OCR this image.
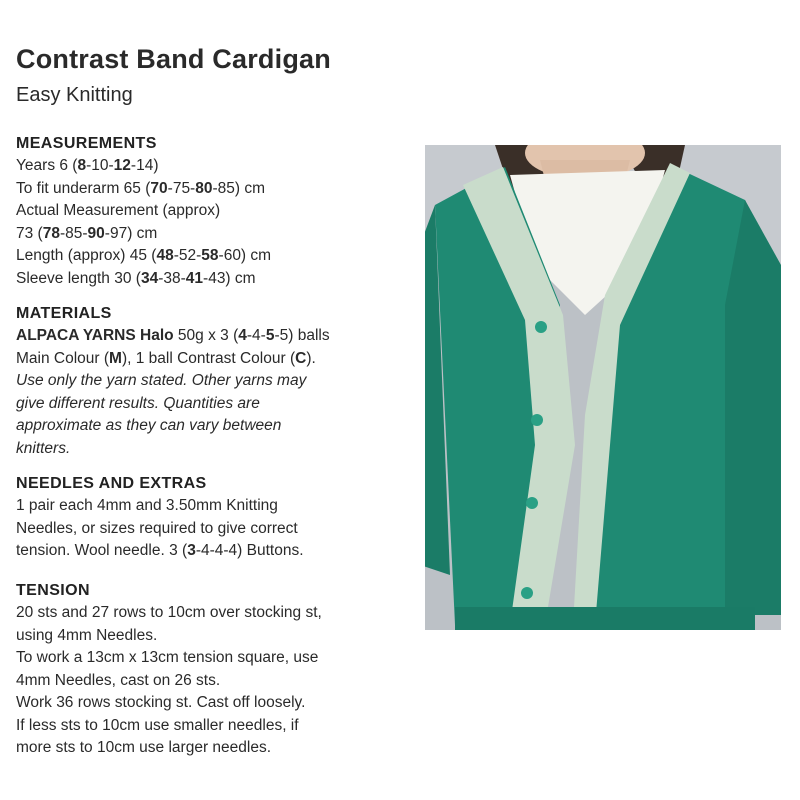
Contrast Band Cardigan
Easy Knitting
MEASUREMENTS
Years 6 (8-10-12-14)
To fit underarm 65 (70-75-80-85) cm
Actual Measurement (approx)
73 (78-85-90-97) cm
Length (approx) 45 (48-52-58-60) cm
Sleeve length 30 (34-38-41-43) cm
MATERIALS
ALPACA YARNS Halo 50g x 3 (4-4-5-5) balls
Main Colour (M), 1 ball Contrast Colour (C).
Use only the yarn stated. Other yarns may
give different results. Quantities are
approximate as they can vary between
knitters.
NEEDLES AND EXTRAS
1 pair each 4mm and 3.50mm Knitting
Needles, or sizes required to give correct
tension. Wool needle. 3 (3-4-4-4) Buttons.
TENSION
20 sts and 27 rows to 10cm over stocking st,
using 4mm Needles.
To work a 13cm x 13cm tension square, use
4mm Needles, cast on 26 sts.
Work 36 rows stocking st. Cast off loosely.
If less sts to 10cm use smaller needles, if
more sts to 10cm use larger needles.
